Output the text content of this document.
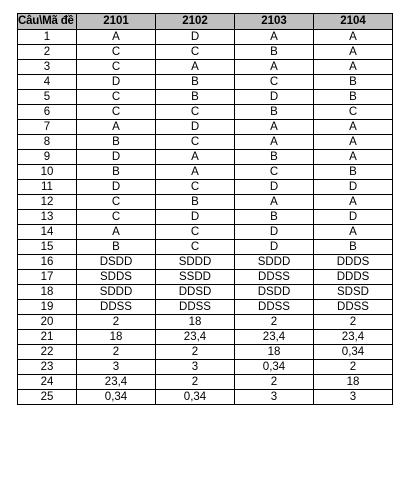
Câu\Mã đề	2101	2102	2103	2104
1	A	D	A	A
2	C	C	B	A
3	C	A	A	A
4	D	B	C	B
5	C	B	D	B
6	C	C	B	C
7	A	D	A	A
8	B	C	A	A
9	D	A	B	A
10	B	A	C	B
11	D	C	D	D
12	C	B	A	A
13	C	D	B	D
14	A	C	D	A
15	B	C	D	B
16	DSDD	SDDD	SDDD	DDDS
17	SDDS	SSDD	DDSS	DDDS
18	SDDD	DDSD	DSDD	SDSD
19	DDSS	DDSS	DDSS	DDSS
20	2	18	2	2
21	18	23,4	23,4	23,4
22	2	2	18	0,34
23	3	3	0,34	2
24	23,4	2	2	18
25	0,34	0,34	3	3
